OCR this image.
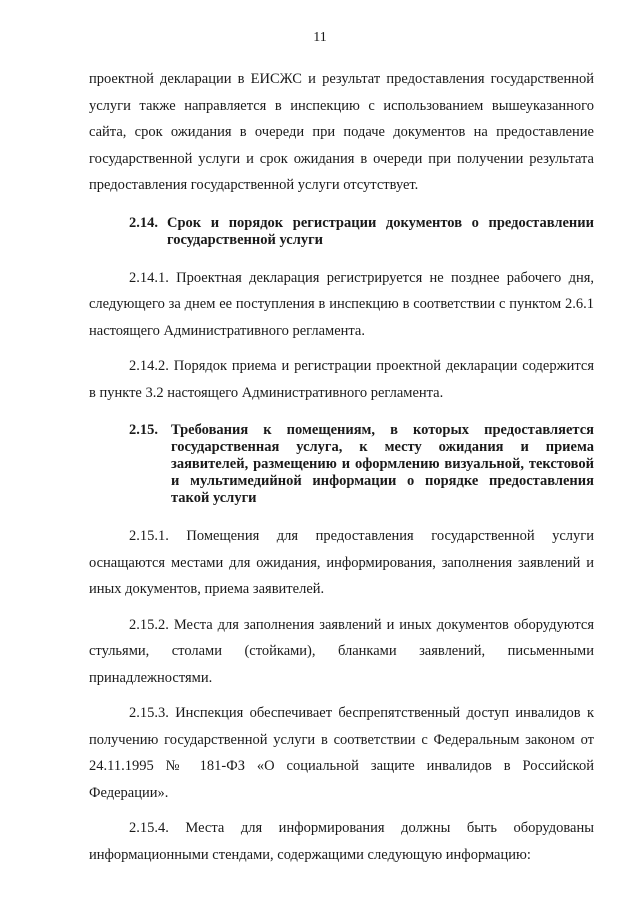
11

проектной декларации в ЕИСЖС и результат предоставления государственной услуги также направляется в инспекцию с использованием вышеуказанного сайта, срок ожидания в очереди при подаче документов на предоставление государственной услуги и срок ожидания в очереди при получении результата предоставления государственной услуги отсутствует.

2.14. Срок и порядок регистрации документов о предоставлении государственной услуги

2.14.1. Проектная декларация регистрируется не позднее рабочего дня, следующего за днем ее поступления в инспекцию в соответствии с пунктом 2.6.1 настоящего Административного регламента.

2.14.2. Порядок приема и регистрации проектной декларации содержится в пункте 3.2 настоящего Административного регламента.

2.15. Требования к помещениям, в которых предоставляется государственная услуга, к месту ожидания и приема заявителей, размещению и оформлению визуальной, текстовой и мультимедийной информации о порядке предоставления такой услуги

2.15.1. Помещения для предоставления государственной услуги оснащаются местами для ожидания, информирования, заполнения заявлений и иных документов, приема заявителей.

2.15.2. Места для заполнения заявлений и иных документов оборудуются стульями, столами (стойками), бланками заявлений, письменными принадлежностями.

2.15.3. Инспекция обеспечивает беспрепятственный доступ инвалидов к получению государственной услуги в соответствии с Федеральным законом от 24.11.1995 № 181-ФЗ «О социальной защите инвалидов в Российской Федерации».

2.15.4. Места для информирования должны быть оборудованы информационными стендами, содержащими следующую информацию:
